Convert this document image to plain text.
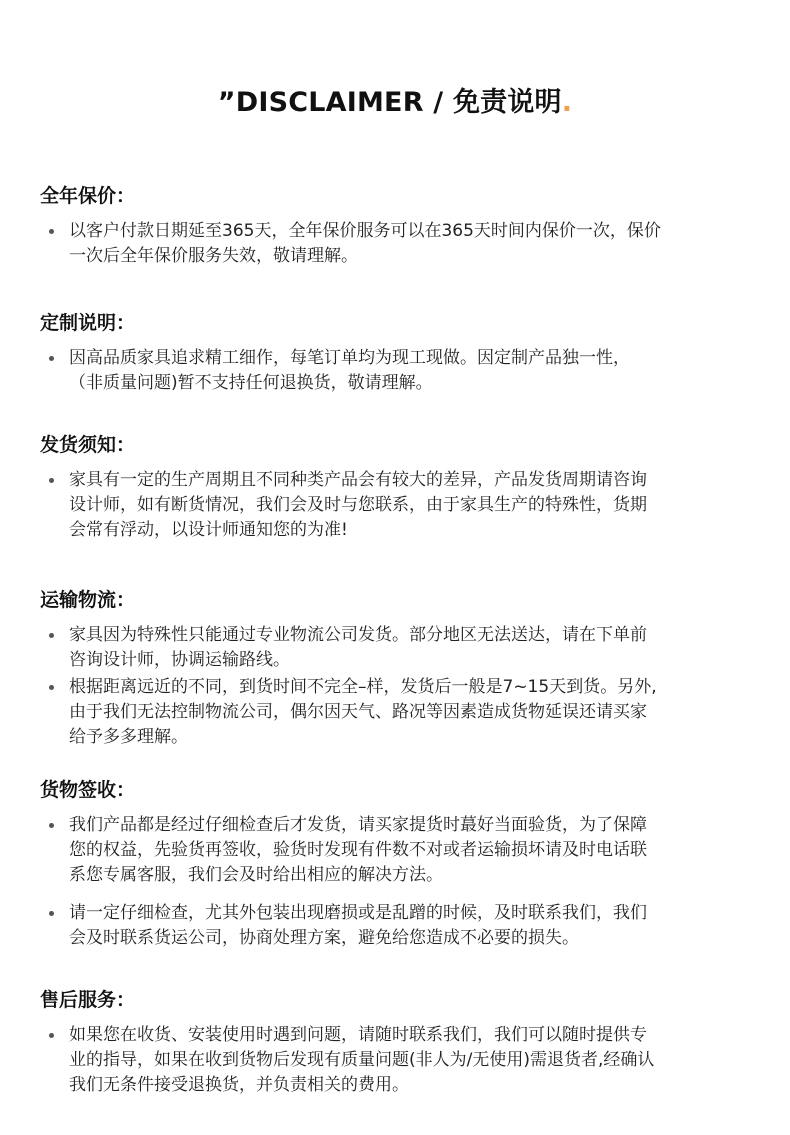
”DISCLAIMER / 免责说明.
全年保价：
以客户付款日期延至365天，全年保价服务可以在365天时间内保价一次，保价
一次后全年保价服务失效，敬请理解。
定制说明：
因高品质家具追求精工细作，每笔订单均为现工现做。因定制产品独一性，
（非质量问题)暂不支持任何退换货，敬请理解。
发货须知：
家具有一定的生产周期且不同种类产品会有较大的差异，产品发货周期请咨询
设计师，如有断货情况，我们会及时与您联系，由于家具生产的特殊性，货期
会常有浮动，以设计师通知您的为准!
运输物流：
家具因为特殊性只能通过专业物流公司发货。部分地区无法送达，请在下单前
咨询设计师，协调运输路线。
根据距离远近的不同，到货时间不完全–样，发货后一般是7~15天到货。另外,
由于我们无法控制物流公司，偶尔因天气、路况等因素造成货物延误还请买家
给予多多理解。
货物签收：
我们产品都是经过仔细检查后才发货，请买家提货时蕞好当面验货，为了保障
您的权益，先验货再签收，验货时发现有件数不对或者运输损坏请及时电话联
系您专属客服，我们会及时给出相应的解决方法。
请一定仔细检查，尤其外包装出现磨损或是乱蹭的时候，及时联系我们，我们
会及时联系货运公司，协商处理方案，避免给您造成不必要的损失。
售后服务：
如果您在收货、安装使用时遇到问题，请随时联系我们，我们可以随时提供专
业的指导，如果在收到货物后发现有质量问题(非人为/无使用)需退货者,经确认
我们无条件接受退换货，并负责相关的费用。
